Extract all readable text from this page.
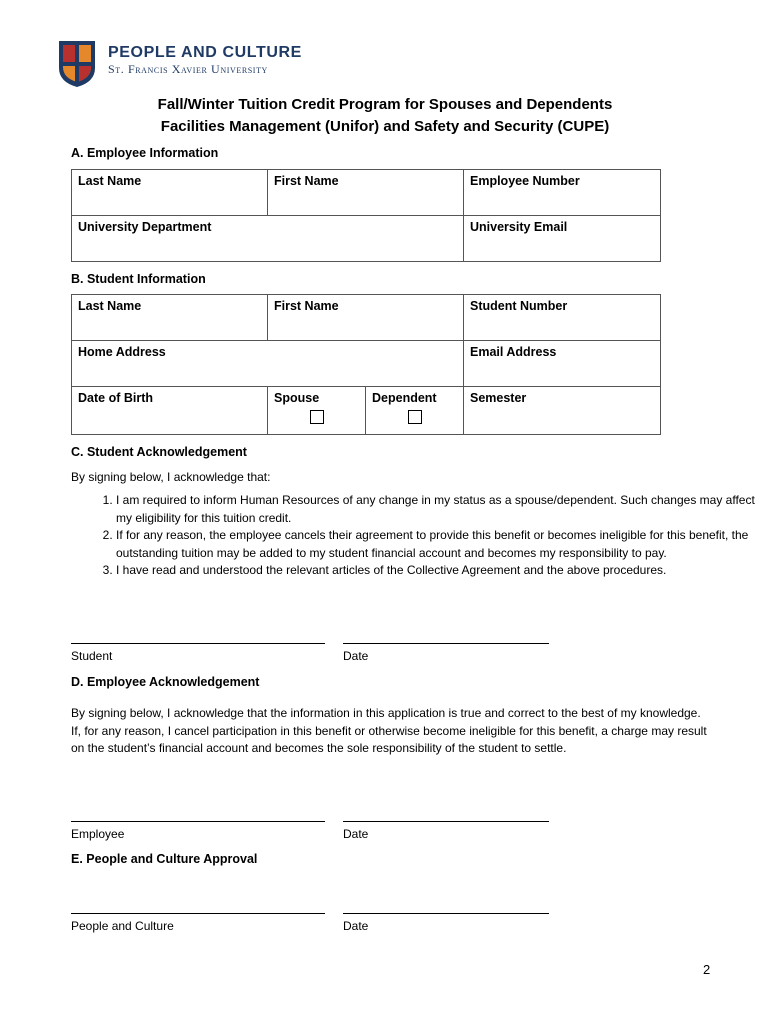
PEOPLE AND CULTURE
St. Francis Xavier University
Fall/Winter Tuition Credit Program for Spouses and Dependents
Facilities Management (Unifor) and Safety and Security (CUPE)
A. Employee Information
Last Name	First Name	Employee Number
University Department		University Email
B. Student Information
Last Name	First Name		Student Number
Home Address			Email Address
Date of Birth	Spouse	Dependent	Semester
C. Student Acknowledgement
By signing below, I acknowledge that:
1. I am required to inform Human Resources of any change in my status as a spouse/dependent. Such changes may affect my eligibility for this tuition credit.
2. If for any reason, the employee cancels their agreement to provide this benefit or becomes ineligible for this benefit, the outstanding tuition may be added to my student financial account and becomes my responsibility to pay.
3. I have read and understood the relevant articles of the Collective Agreement and the above procedures.
Student	Date
D. Employee Acknowledgement
By signing below, I acknowledge that the information in this application is true and correct to the best of my knowledge. If, for any reason, I cancel participation in this benefit or otherwise become ineligible for this benefit, a charge may result on the student’s financial account and becomes the sole responsibility of the student to settle.
Employee	Date
E. People and Culture Approval
People and Culture	Date
2
